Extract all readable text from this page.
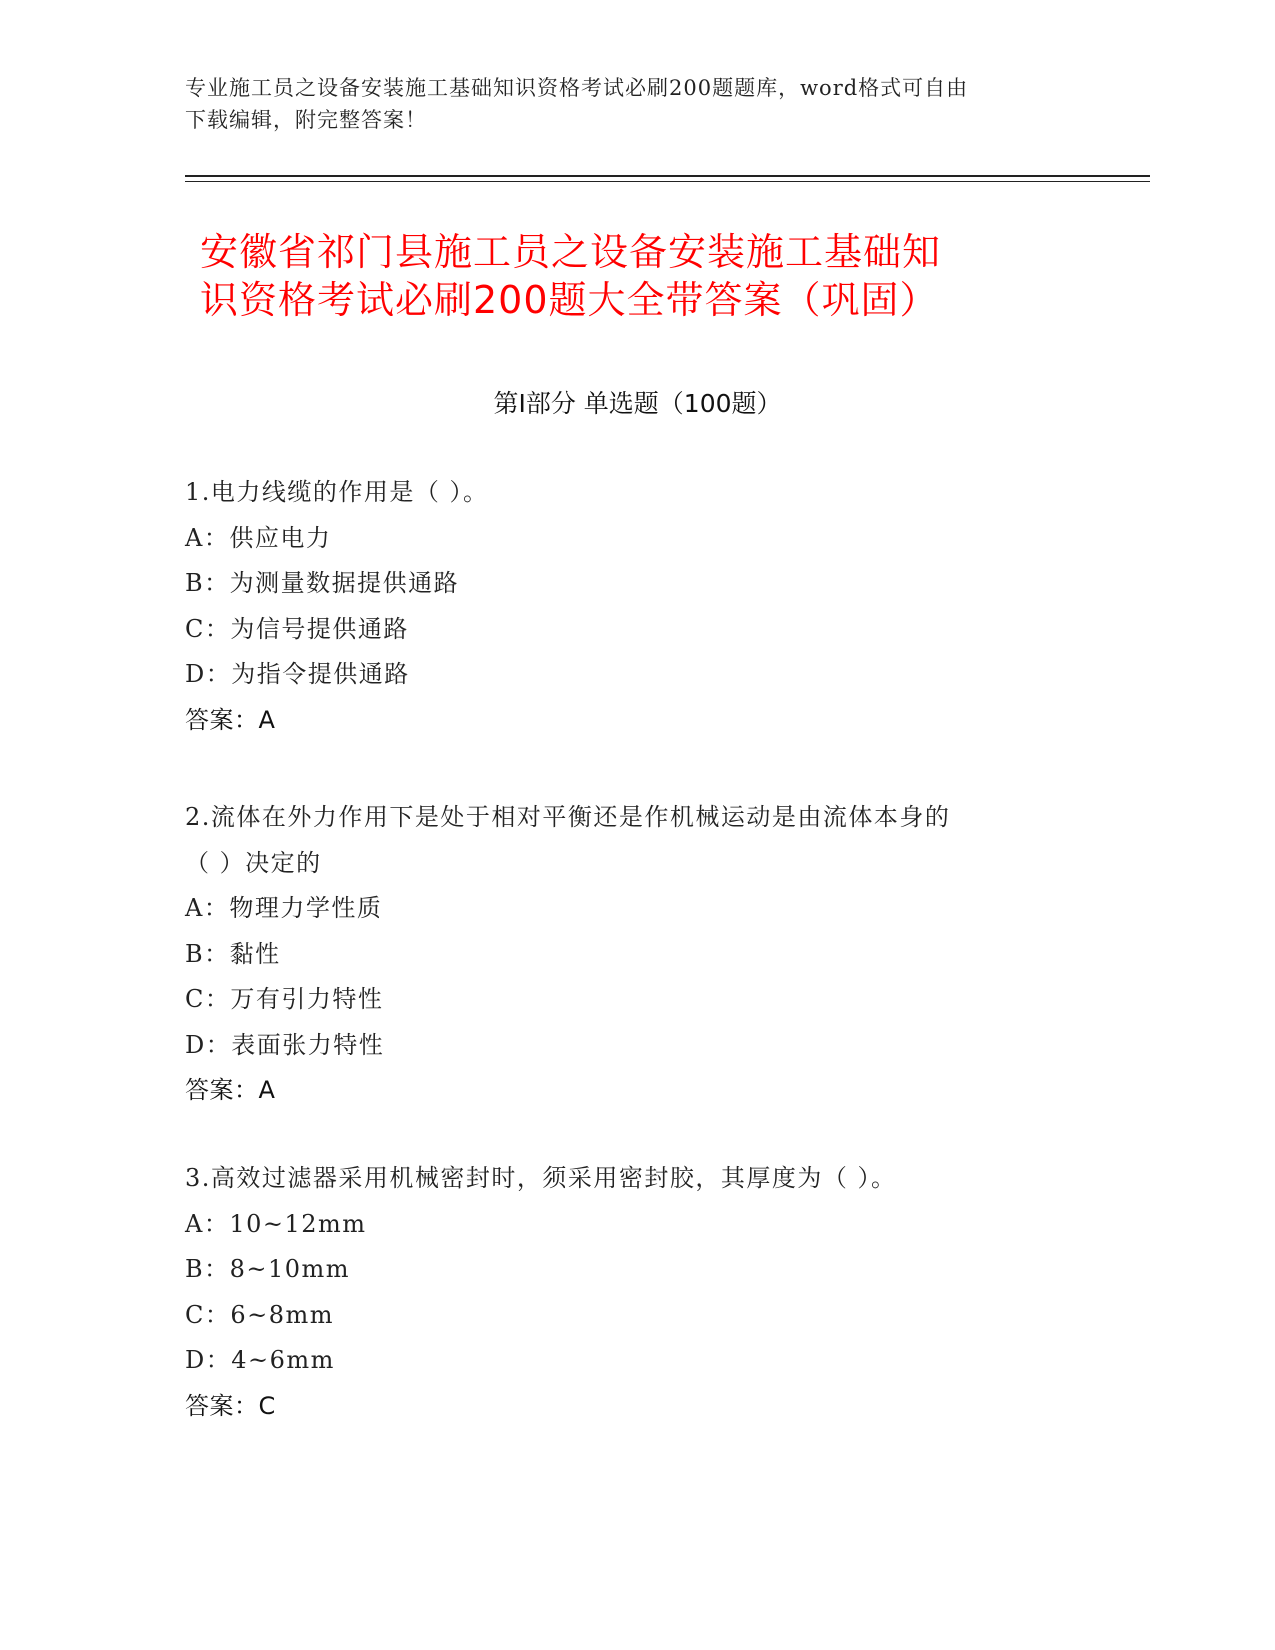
专业施工员之设备安装施工基础知识资格考试必刷200题题库，word格式可自由
下载编辑，附完整答案！
安徽省祁门县施工员之设备安装施工基础知
识资格考试必刷200题大全带答案（巩固）
第Ⅰ部分 单选题（100题）
1.电力线缆的作用是（ ）。
A：供应电力
B：为测量数据提供通路
C：为信号提供通路
D：为指令提供通路
答案：A
2.流体在外力作用下是处于相对平衡还是作机械运动是由流体本身的
（ ）决定的
A：物理力学性质
B：黏性
C：万有引力特性
D：表面张力特性
答案：A
3.高效过滤器采用机械密封时，须采用密封胶，其厚度为（ ）。
A：10~12mm
B：8~10mm
C：6~8mm
D：4~6mm
答案：C
